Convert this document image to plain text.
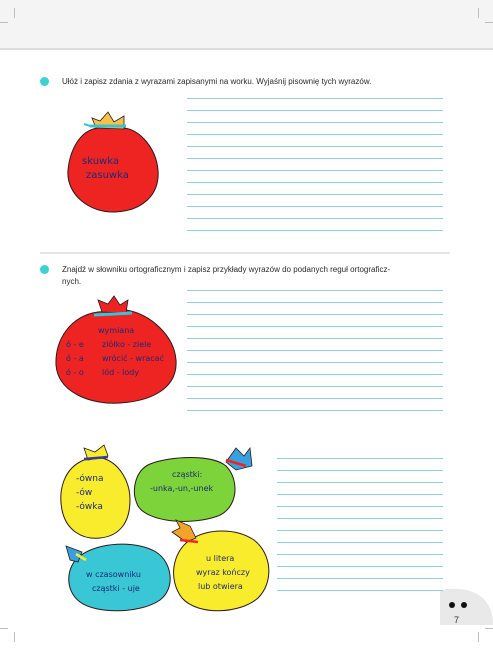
Ułóż i zapisz zdania z wyrazami zapisanymi na worku. Wyjaśnij pisownię tych wyrazów.
skuwka
zasuwka
Znajdź w słowniku ortograficznym i zapisz przykłady wyrazów do podanych reguł ortograficz-
nych.
wymiana
ó - e ziółko - ziele
ó - a wrócić - wracać
ó - o lód - lody
-ówna
-ów
-ówka
cząstki:
-unka,-un,-unek
w czasowniku
cząstki - uje
u litera
wyraz kończy
lub otwiera
7
